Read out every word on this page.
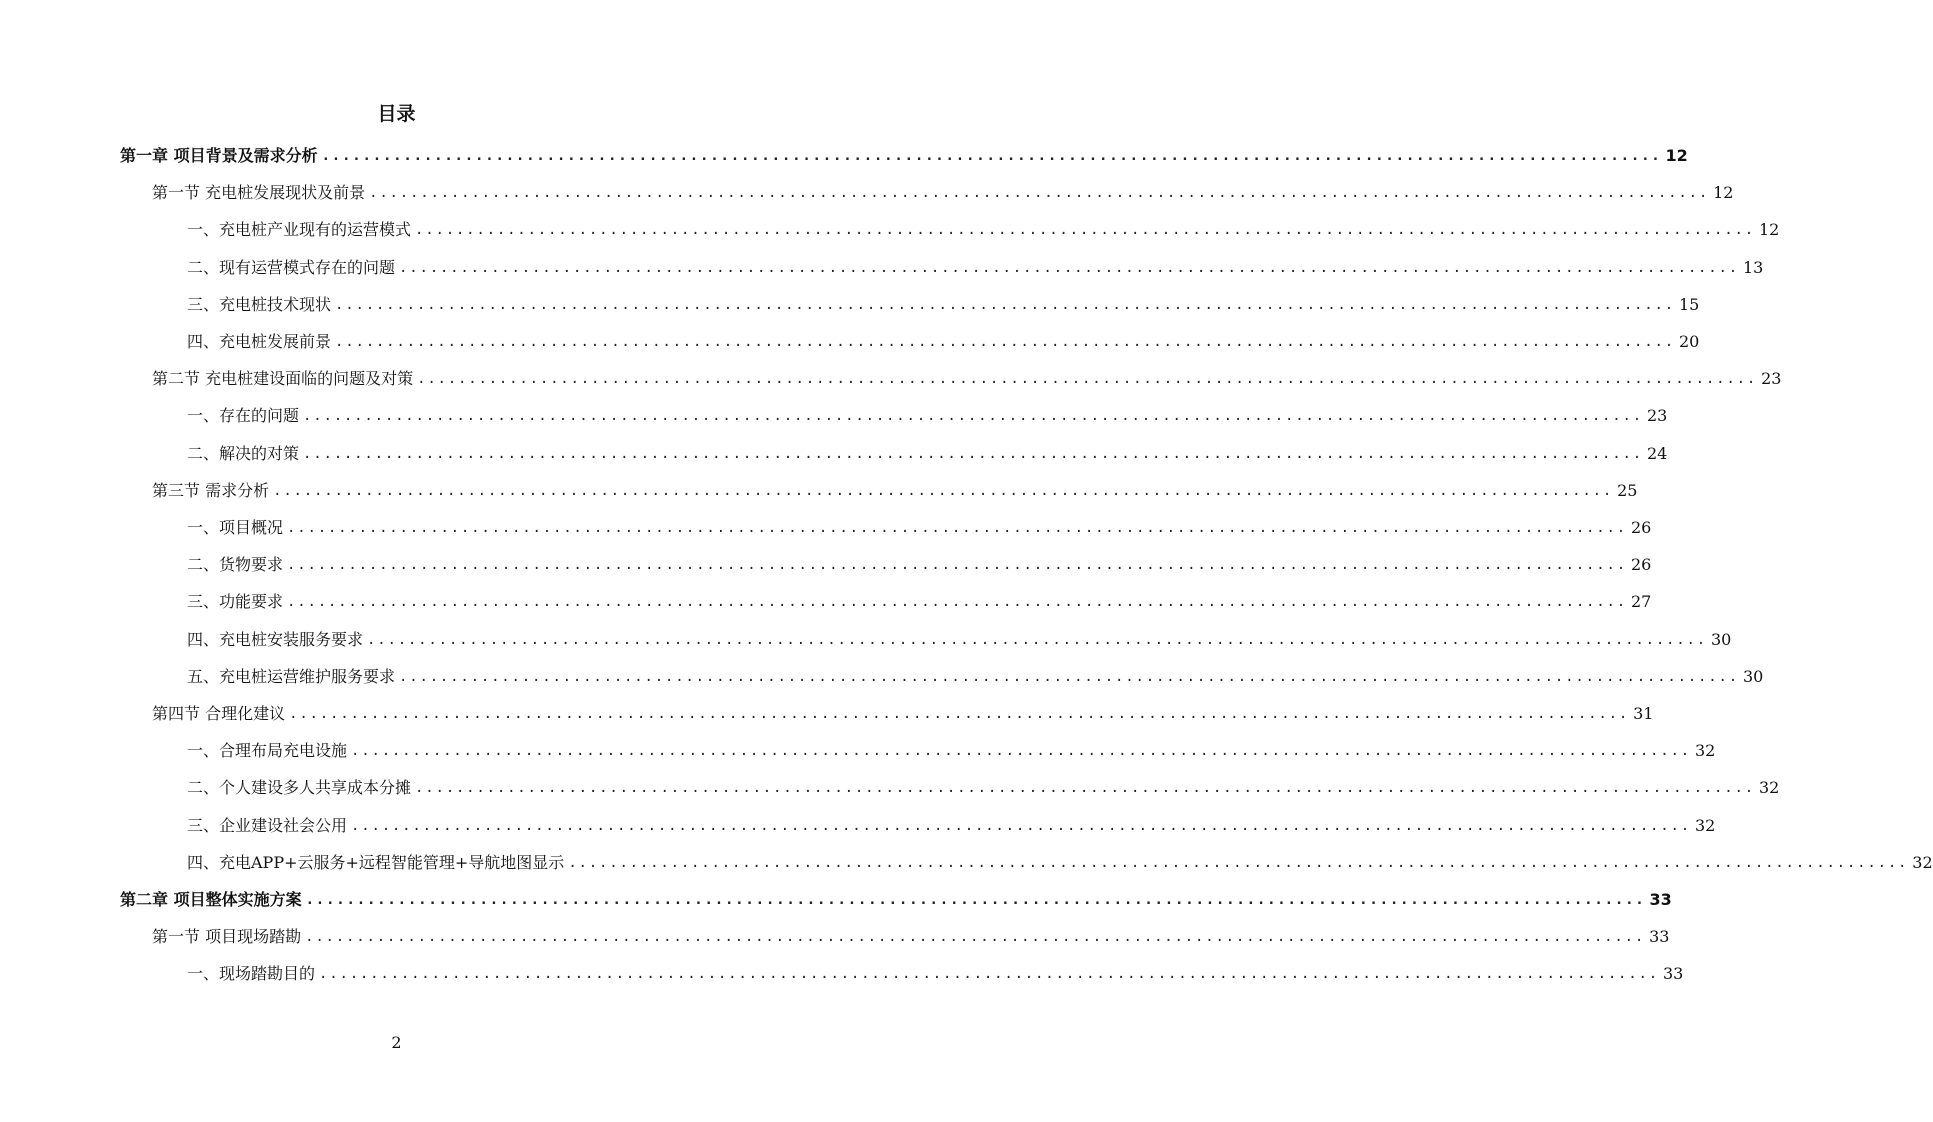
目录
第一章 项目背景及需求分析 ................................................................................................................................... 12
第一节 充电桩发展现状及前景 ................................................................................................................................... 12
一、充电桩产业现有的运营模式 ................................................................................................................................... 12
二、现有运营模式存在的问题 ................................................................................................................................... 13
三、充电桩技术现状 ................................................................................................................................... 15
四、充电桩发展前景 ................................................................................................................................... 20
第二节 充电桩建设面临的问题及对策 ................................................................................................................................... 23
一、存在的问题 ................................................................................................................................... 23
二、解决的对策 ................................................................................................................................... 24
第三节 需求分析 ................................................................................................................................... 25
一、项目概况 ................................................................................................................................... 26
二、货物要求 ................................................................................................................................... 26
三、功能要求 ................................................................................................................................... 27
四、充电桩安装服务要求 ................................................................................................................................... 30
五、充电桩运营维护服务要求 ................................................................................................................................... 30
第四节 合理化建议 ................................................................................................................................... 31
一、合理布局充电设施 ................................................................................................................................... 32
二、个人建设多人共享成本分摊 ................................................................................................................................... 32
三、企业建设社会公用 ................................................................................................................................... 32
四、充电APP+云服务+远程智能管理+导航地图显示 ................................................................................................................................... 32
第二章 项目整体实施方案 ................................................................................................................................... 33
第一节 项目现场踏勘 ................................................................................................................................... 33
一、现场踏勘目的 ................................................................................................................................... 33
2
